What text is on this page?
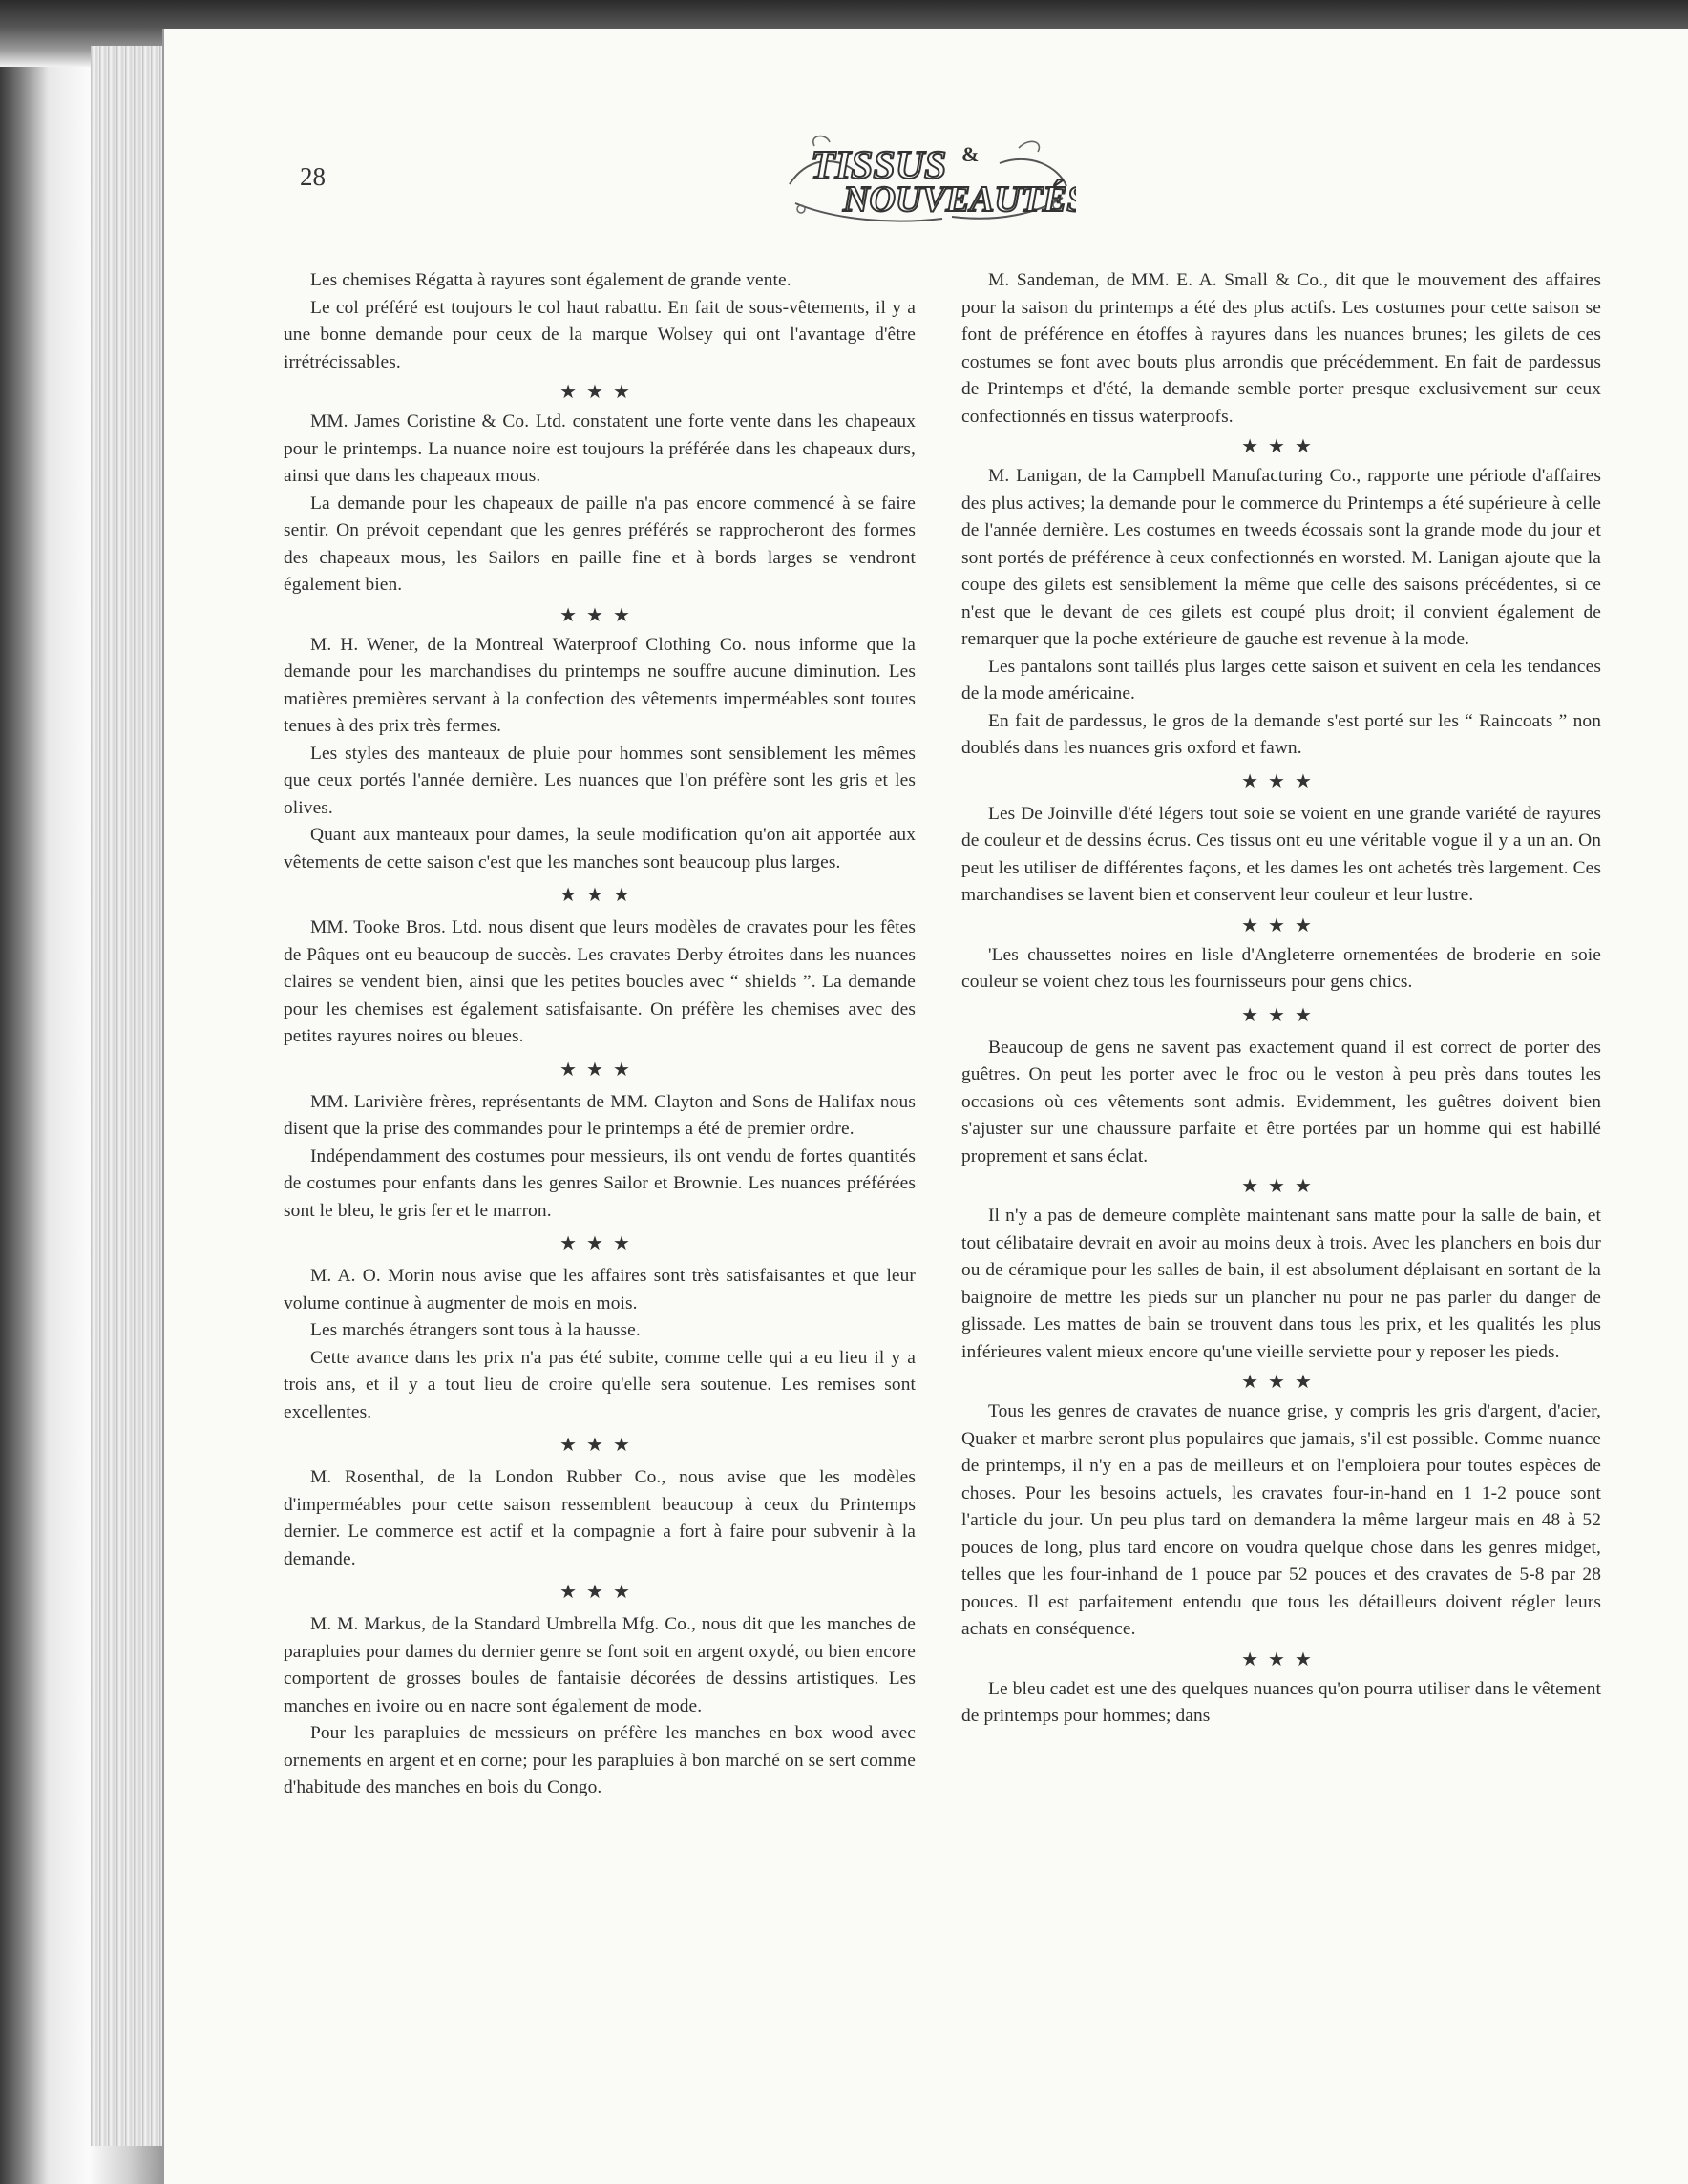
28	TISSUS &
NOUVEAUTÉS

Les chemises Régatta à rayures sont également de grande vente.

Le col préféré est toujours le col haut rabattu. En fait de sous-vêtements, il y a une bonne demande pour ceux de la marque Wolsey qui ont l'avantage d'être irrétrécissables.

★★★

MM. James Coristine & Co. Ltd. constatent une forte vente dans les chapeaux pour le printemps. La nuance noire est toujours la préférée dans les chapeaux durs, ainsi que dans les chapeaux mous.

La demande pour les chapeaux de paille n'a pas encore commencé à se faire sentir. On prévoit cependant que les genres préférés se rapprocheront des formes des chapeaux mous, les Sailors en paille fine et à bords larges se vendront également bien.

★★★

M. H. Wener, de la Montreal Waterproof Clothing Co. nous informe que la demande pour les marchandises du printemps ne souffre aucune diminution. Les matières premières servant à la confection des vêtements imperméables sont toutes tenues à des prix très fermes.

Les styles des manteaux de pluie pour hommes sont sensiblement les mêmes que ceux portés l'année dernière. Les nuances que l'on préfère sont les gris et les olives.

Quant aux manteaux pour dames, la seule modification qu'on ait apportée aux vêtements de cette saison c'est que les manches sont beaucoup plus larges.

★★★

MM. Tooke Bros. Ltd. nous disent que leurs modèles de cravates pour les fêtes de Pâques ont eu beaucoup de succès. Les cravates Derby étroites dans les nuances claires se vendent bien, ainsi que les petites boucles avec “ shields ”. La demande pour les chemises est également satisfaisante. On préfère les chemises avec des petites rayures noires ou bleues.

★★★

MM. Larivière frères, représentants de MM. Clayton and Sons de Halifax nous disent que la prise des commandes pour le printemps a été de premier ordre.

Indépendamment des costumes pour messieurs, ils ont vendu de fortes quantités de costumes pour enfants dans les genres Sailor et Brownie. Les nuances préférées sont le bleu, le gris fer et le marron.

★★★

M. A. O. Morin nous avise que les affaires sont très satisfaisantes et que leur volume continue à augmenter de mois en mois.

Les marchés étrangers sont tous à la hausse.

Cette avance dans les prix n'a pas été subite, comme celle qui a eu lieu il y a trois ans, et il y a tout lieu de croire qu'elle sera soutenue. Les remises sont excellentes.

★★★

M. Rosenthal, de la London Rubber Co., nous avise que les modèles d'imperméables pour cette saison ressemblent beaucoup à ceux du Printemps dernier. Le commerce est actif et la compagnie a fort à faire pour subvenir à la demande.

★★★

M. M. Markus, de la Standard Umbrella Mfg. Co., nous dit que les manches de parapluies pour dames du dernier genre se font soit en argent oxydé, ou bien encore comportent de grosses boules de fantaisie décorées de dessins artistiques. Les manches en ivoire ou en nacre sont également de mode.

Pour les parapluies de messieurs on préfère les manches en box wood avec ornements en argent et en corne; pour les parapluies à bon marché on se sert comme d'habitude des manches en bois du Congo.

M. Sandeman, de MM. E. A. Small & Co., dit que le mouvement des affaires pour la saison du printemps a été des plus actifs. Les costumes pour cette saison se font de préférence en étoffes à rayures dans les nuances brunes; les gilets de ces costumes se font avec bouts plus arrondis que précédemment. En fait de pardessus de Printemps et d'été, la demande semble porter presque exclusivement sur ceux confectionnés en tissus waterproofs.

★★★

M. Lanigan, de la Campbell Manufacturing Co., rapporte une période d'affaires des plus actives; la demande pour le commerce du Printemps a été supérieure à celle de l'année dernière. Les costumes en tweeds écossais sont la grande mode du jour et sont portés de préférence à ceux confectionnés en worsted. M. Lanigan ajoute que la coupe des gilets est sensiblement la même que celle des saisons précédentes, si ce n'est que le devant de ces gilets est coupé plus droit; il convient également de remarquer que la poche extérieure de gauche est revenue à la mode.

Les pantalons sont taillés plus larges cette saison et suivent en cela les tendances de la mode américaine.

En fait de pardessus, le gros de la demande s'est porté sur les “ Raincoats ” non doublés dans les nuances gris oxford et fawn.

★★★

Les De Joinville d'été légers tout soie se voient en une grande variété de rayures de couleur et de dessins écrus. Ces tissus ont eu une véritable vogue il y a un an. On peut les utiliser de différentes façons, et les dames les ont achetés très largement. Ces marchandises se lavent bien et conservent leur couleur et leur lustre.

★★★

'Les chaussettes noires en lisle d'Angleterre ornementées de broderie en soie couleur se voient chez tous les fournisseurs pour gens chics.

★★★

Beaucoup de gens ne savent pas exactement quand il est correct de porter des guêtres. On peut les porter avec le froc ou le veston à peu près dans toutes les occasions où ces vêtements sont admis. Evidemment, les guêtres doivent bien s'ajuster sur une chaussure parfaite et être portées par un homme qui est habillé proprement et sans éclat.

★★★

Il n'y a pas de demeure complète maintenant sans matte pour la salle de bain, et tout célibataire devrait en avoir au moins deux à trois. Avec les planchers en bois dur ou de céramique pour les salles de bain, il est absolument déplaisant en sortant de la baignoire de mettre les pieds sur un plancher nu pour ne pas parler du danger de glissade. Les mattes de bain se trouvent dans tous les prix, et les qualités les plus inférieures valent mieux encore qu'une vieille serviette pour y reposer les pieds.

★★★

Tous les genres de cravates de nuance grise, y compris les gris d'argent, d'acier, Quaker et marbre seront plus populaires que jamais, s'il est possible. Comme nuance de printemps, il n'y en a pas de meilleurs et on l'emploiera pour toutes espèces de choses. Pour les besoins actuels, les cravates four-in-hand en 1 1-2 pouce sont l'article du jour. Un peu plus tard on demandera la même largeur mais en 48 à 52 pouces de long, plus tard encore on voudra quelque chose dans les genres midget, telles que les four-inhand de 1 pouce par 52 pouces et des cravates de 5-8 par 28 pouces. Il est parfaitement entendu que tous les détailleurs doivent régler leurs achats en conséquence.

★★★

Le bleu cadet est une des quelques nuances qu'on pourra utiliser dans le vêtement de printemps pour hommes; dans
